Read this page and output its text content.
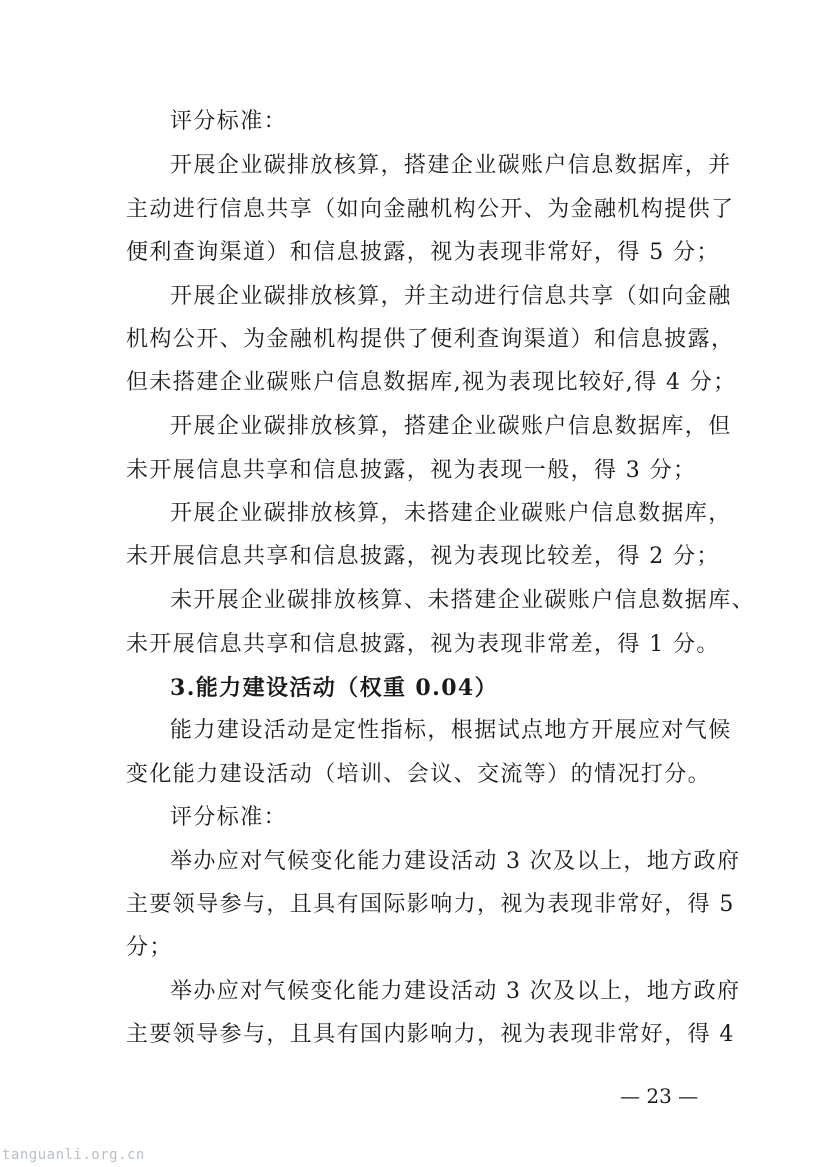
评分标准：
开展企业碳排放核算，搭建企业碳账户信息数据库，并
主动进行信息共享（如向金融机构公开、为金融机构提供了
便利查询渠道）和信息披露，视为表现非常好，得 5 分；
开展企业碳排放核算，并主动进行信息共享（如向金融
机构公开、为金融机构提供了便利查询渠道）和信息披露，
但未搭建企业碳账户信息数据库,视为表现比较好,得 4 分；
开展企业碳排放核算，搭建企业碳账户信息数据库，但
未开展信息共享和信息披露，视为表现一般，得 3 分；
开展企业碳排放核算，未搭建企业碳账户信息数据库，
未开展信息共享和信息披露，视为表现比较差，得 2 分；
未开展企业碳排放核算、未搭建企业碳账户信息数据库、
未开展信息共享和信息披露，视为表现非常差，得 1 分。
3.能力建设活动（权重 0.04）
能力建设活动是定性指标，根据试点地方开展应对气候
变化能力建设活动（培训、会议、交流等）的情况打分。
评分标准：
举办应对气候变化能力建设活动 3 次及以上，地方政府
主要领导参与，且具有国际影响力，视为表现非常好，得 5
分；
举办应对气候变化能力建设活动 3 次及以上，地方政府
主要领导参与，且具有国内影响力，视为表现非常好，得 4
— 23 —
tanguanli.org.cn
